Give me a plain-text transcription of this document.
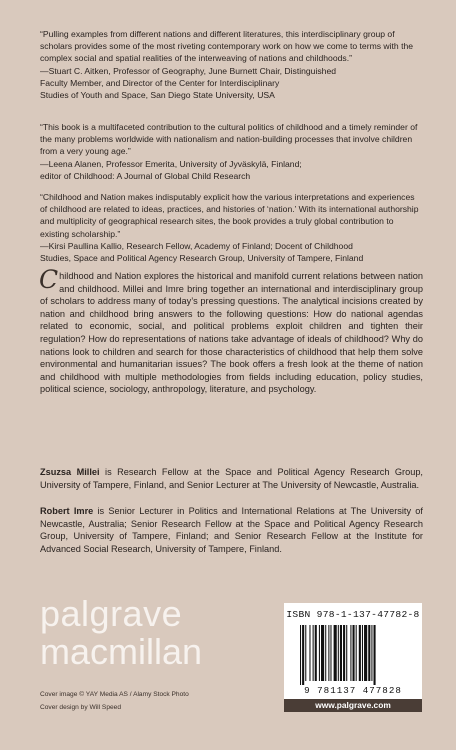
“Pulling examples from different nations and different literatures, this interdisciplinary group of scholars provides some of the most riveting contemporary work on how we come to terms with the complex social and spatial realities of the interweaving of nations and childhoods.”

—Stuart C. Aitken, Professor of Geography, June Burnett Chair, Distinguished

Faculty Member, and Director of the Center for Interdisciplinary

Studies of Youth and Space, San Diego State University, USA

“This book is a multifaceted contribution to the cultural politics of childhood and a timely reminder of the many problems worldwide with nationalism and nation-building processes that involve children from a very young age.”

—Leena Alanen, Professor Emerita, University of Jyväskylä, Finland;

editor of Childhood: A Journal of Global Child Research

“Childhood and Nation makes indisputably explicit how the various interpretations and experiences of childhood are related to ideas, practices, and histories of ‘nation.’ With its international authorship and multiplicity of geographical research sites, the book provides a truly global contribution to existing scholarship.”

—Kirsi Paullina Kallio, Research Fellow, Academy of Finland; Docent of Childhood

Studies, Space and Political Agency Research Group, University of Tampere, Finland

Childhood and Nation explores the historical and manifold current relations between nation and childhood. Millei and Imre bring together an international and interdisciplinary group of scholars to address many of today’s pressing questions. The analytical incisions created by nation and childhood bring answers to the following questions: How do national agendas related to economic, social, and political problems exploit children and tighten their regulation? How do representations of nations take advantage of ideals of childhood? Why do nations look to children and search for those characteristics of childhood that help them solve environmental and humanitarian issues? The book offers a fresh look at the theme of nation and childhood with multiple methodologies from fields including education, policy studies, political science, sociology, anthropology, literature, and psychology.
Zsuzsa Millei is Research Fellow at the Space and Political Agency Research Group, University of Tampere, Finland, and Senior Lecturer at The University of Newcastle, Australia.
Robert Imre is Senior Lecturer in Politics and International Relations at The University of Newcastle, Australia; Senior Research Fellow at the Space and Political Agency Research Group, University of Tampere, Finland; and Senior Research Fellow at the Institute for Advanced Social Research, University of Tampere, Finland.
palgrave
macmillan
Cover image © YAY Media AS / Alamy Stock Photo
Cover design by Will Speed
ISBN 978-1-137-47782-8
9 781137 477828
www.palgrave.com
